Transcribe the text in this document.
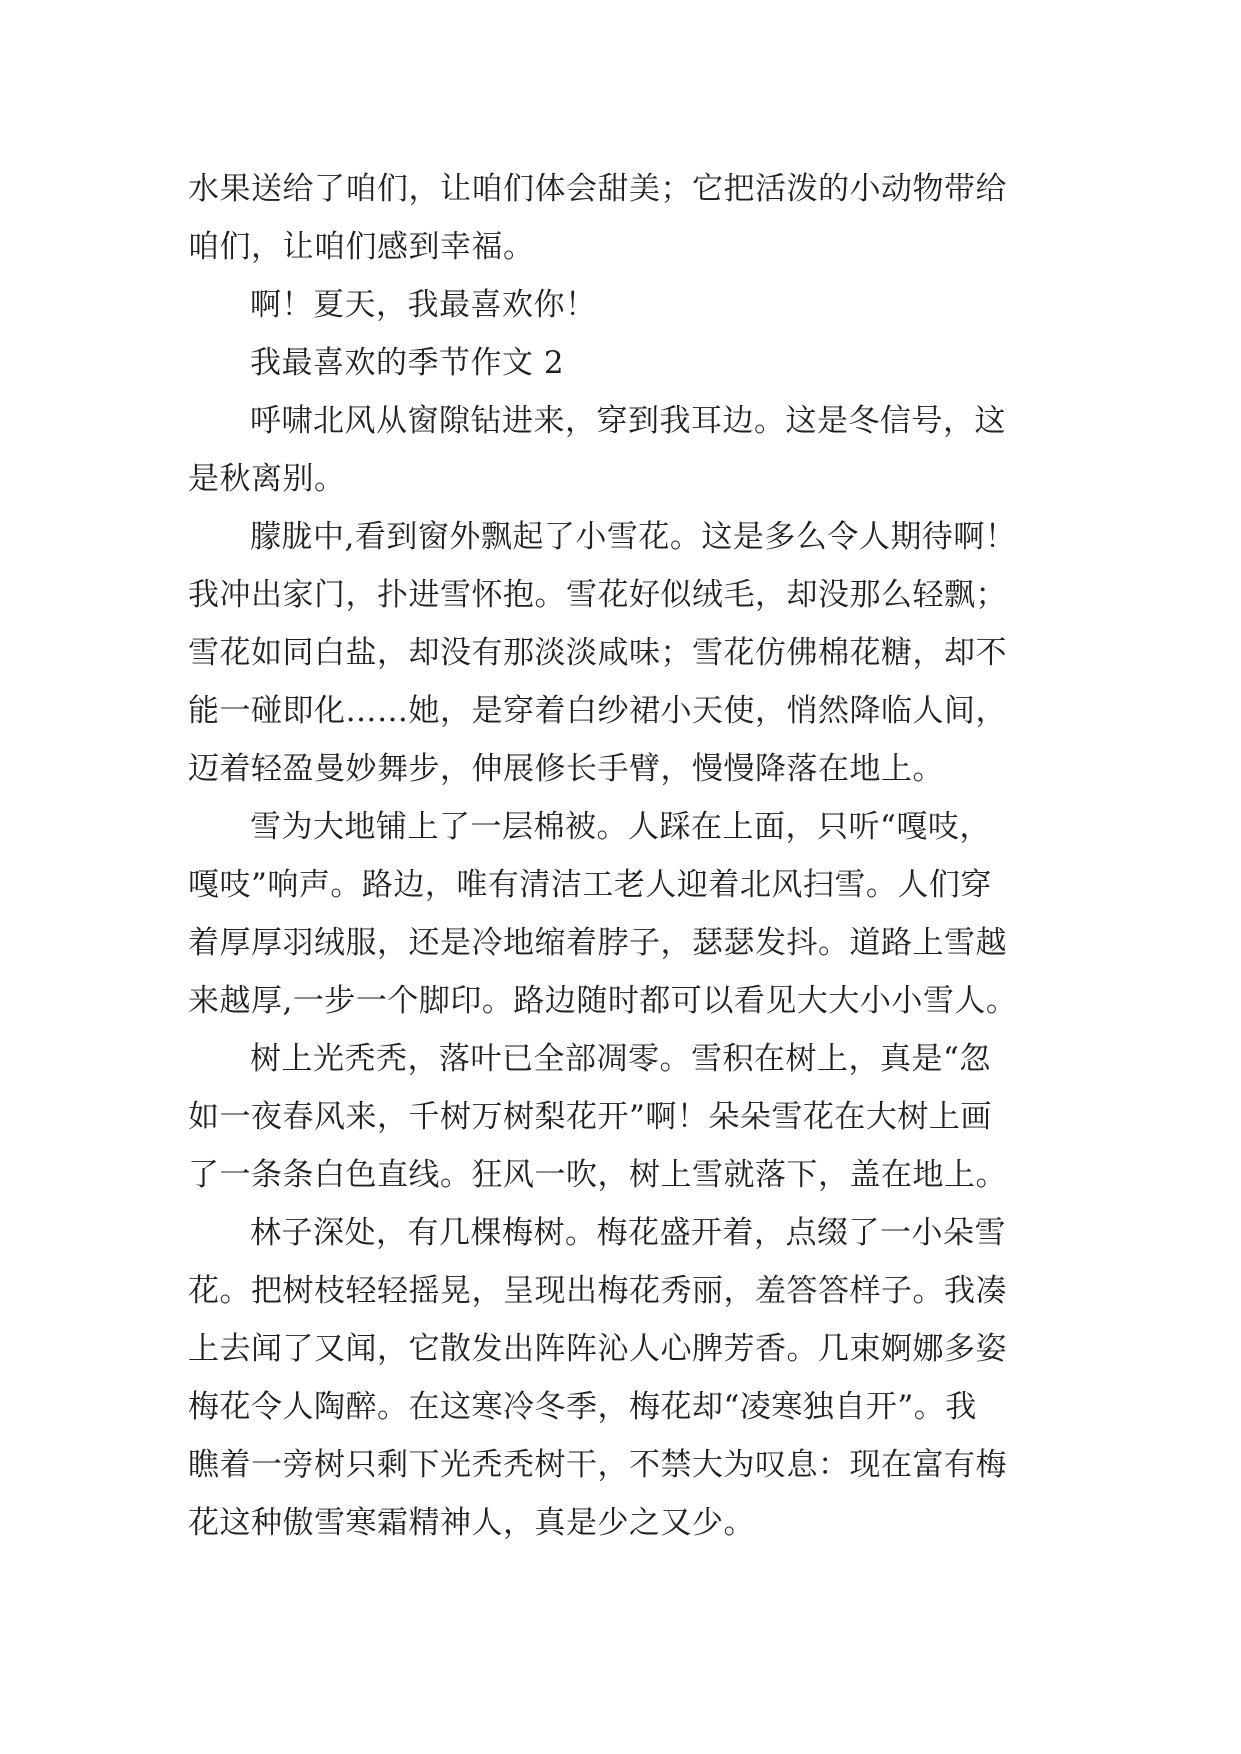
水果送给了咱们，让咱们体会甜美；它把活泼的小动物带给
咱们，让咱们感到幸福。
啊！夏天，我最喜欢你！
我最喜欢的季节作文 2
呼啸北风从窗隙钻进来，穿到我耳边。这是冬信号，这
是秋离别。
朦胧中,看到窗外飘起了小雪花。这是多么令人期待啊！
我冲出家门，扑进雪怀抱。雪花好似绒毛，却没那么轻飘；
雪花如同白盐，却没有那淡淡咸味；雪花仿佛棉花糖，却不
能一碰即化……她，是穿着白纱裙小天使，悄然降临人间，
迈着轻盈曼妙舞步，伸展修长手臂，慢慢降落在地上。
雪为大地铺上了一层棉被。人踩在上面，只听“嘎吱，
嘎吱”响声。路边，唯有清洁工老人迎着北风扫雪。人们穿
着厚厚羽绒服，还是冷地缩着脖子，瑟瑟发抖。道路上雪越
来越厚,一步一个脚印。路边随时都可以看见大大小小雪人。
树上光秃秃，落叶已全部凋零。雪积在树上，真是“忽
如一夜春风来，千树万树梨花开”啊！朵朵雪花在大树上画
了一条条白色直线。狂风一吹，树上雪就落下，盖在地上。
林子深处，有几棵梅树。梅花盛开着，点缀了一小朵雪
花。把树枝轻轻摇晃，呈现出梅花秀丽，羞答答样子。我凑
上去闻了又闻，它散发出阵阵沁人心脾芳香。几束婀娜多姿
梅花令人陶醉。在这寒冷冬季，梅花却“凌寒独自开”。我
瞧着一旁树只剩下光秃秃树干，不禁大为叹息：现在富有梅
花这种傲雪寒霜精神人，真是少之又少。
